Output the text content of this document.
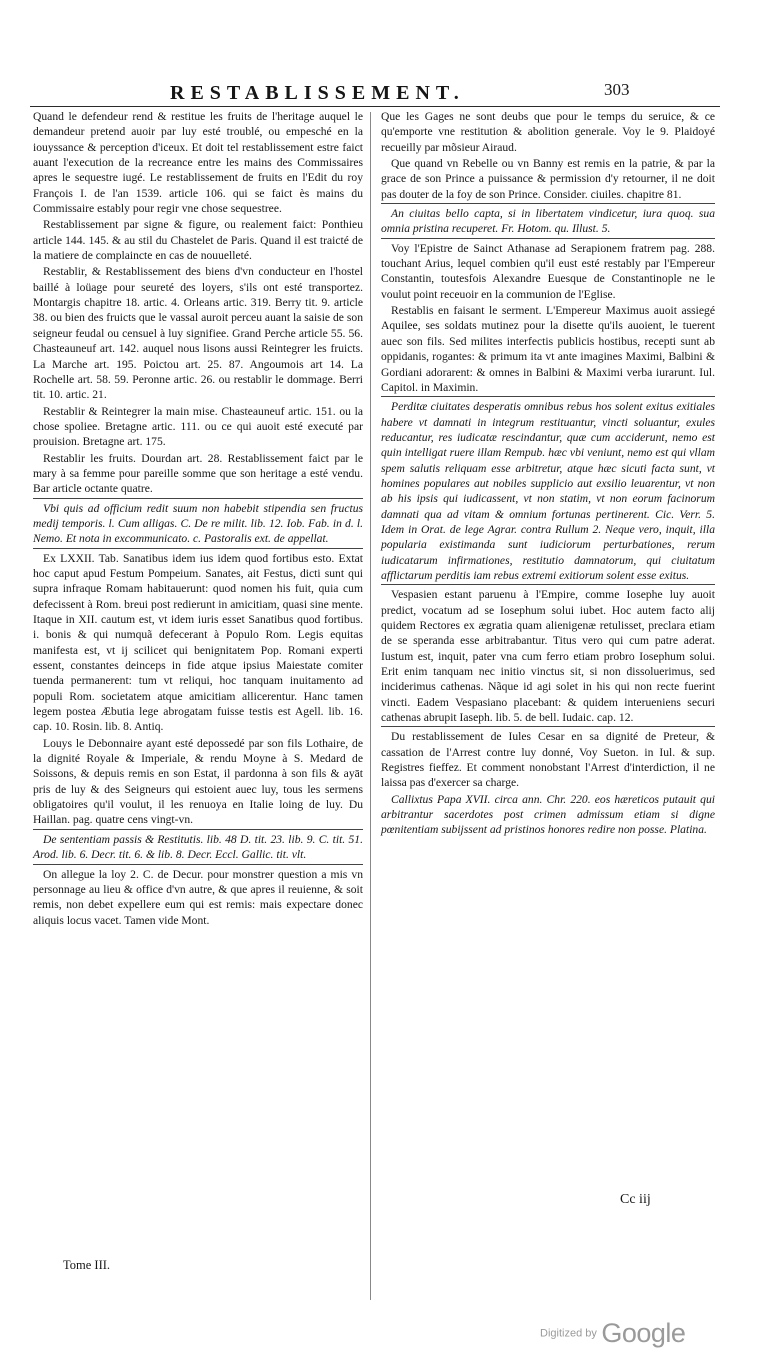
RESTABLISSEMENT.	303

Quand le defendeur rend & restitue les fruits de l'heritage auquel le demandeur pretend auoir par luy esté troublé, ou empesché en la iouyssance & perception d'iceux. Et doit tel restablissement estre faict auant l'execution de la recreance entre les mains des Commissaires apres le sequestre iugé. Le restablissement de fruits en l'Edit du roy François I. de l'an 1539. article 106. qui se faict ès mains du Commissaire estably pour regir vne chose sequestree.

Restablissement par signe & figure, ou realement faict: Ponthieu article 144. 145. & au stil du Chastelet de Paris. Quand il est traicté de la matiere de complaincte en cas de nouuelleté.

Restablir, & Restablissement des biens d'vn conducteur en l'hostel baillé à loüage pour seureté des loyers, s'ils ont esté transportez. Montargis chapitre 18. artic. 4. Orleans artic. 319. Berry tit. 9. article 38. ou bien des fruicts que le vassal auroit perceu auant la saisie de son seigneur feudal ou censuel à luy signifiee. Grand Perche article 55. 56. Chasteauneuf art. 142. auquel nous lisons aussi Reintegrer les fruicts. La Marche art. 195. Poictou art. 25. 87. Angoumois art 14. La Rochelle art. 58. 59. Peronne artic. 26. ou restablir le dommage. Berri tit. 10. artic. 21.

Restablir & Reintegrer la main mise. Chasteauneuf artic. 151. ou la chose spoliee. Bretagne artic. 111. ou ce qui auoit esté executé par prouision. Bretagne art. 175.

Restablir les fruits. Dourdan art. 28. Restablissement faict par le mary à sa femme pour pareille somme que son heritage a esté vendu. Bar article octante quatre.

Vbi quis ad officium redit suum non habebit stipendia sen fructus medij temporis. l. Cum alligas. C. De re milit. lib. 12. Iob. Fab. in d. l. Nemo. Et nota in excommunicato. c. Pastoralis ext. de appellat.

Ex LXXII. Tab. Sanatibus idem ius idem quod fortibus esto. Extat hoc caput apud Festum Pompeium. Sanates, ait Festus, dicti sunt qui supra infraque Romam habitauerunt: quod nomen his fuit, quia cum defecissent à Rom. breui post redierunt in amicitiam, quasi sine mente. Itaque in XII. cautum est, vt idem iuris esset Sanatibus quod fortibus. i. bonis & qui numquã defecerant à Populo Rom. Legis equitas manifesta est, vt ij scilicet qui benignitatem Pop. Romani experti essent, constantes deinceps in fide atque ipsius Maiestate comiter tuenda permanerent: tum vt reliqui, hoc tanquam inuitamento ad populi Rom. societatem atque amicitiam allicerentur. Hanc tamen legem postea Æbutia lege abrogatam fuisse testis est Agell. lib. 16. cap. 10. Rosin. lib. 8. Antiq.

Louys le Debonnaire ayant esté depossedé par son fils Lothaire, de la dignité Royale & Imperiale, & rendu Moyne à S. Medard de Soissons, & depuis remis en son Estat, il pardonna à son fils & ayāt pris de luy & des Seigneurs qui estoient auec luy, tous les sermens obligatoires qu'il voulut, il les renuoya en Italie loing de luy. Du Haillan. pag. quatre cens vingt-vn.

De sententiam passis & Restitutis. lib. 48 D. tit. 23. lib. 9. C. tit. 51. Arod. lib. 6. Decr. tit. 6. & lib. 8. Decr. Eccl. Gallic. tit. vlt.

On allegue la loy 2. C. de Decur. pour monstrer question a mis vn personnage au lieu & office d'vn autre, & que apres il reuienne, & soit remis, non debet expellere eum qui est remis: mais expectare donec aliquis locus vacet. Tamen vide Mont.

Que les Gages ne sont deubs que pour le temps du seruice, & ce qu'emporte vne restitution & abolition generale. Voy le 9. Plaidoyé recueilly par mõsieur Airaud.

Que quand vn Rebelle ou vn Banny est remis en la patrie, & par la grace de son Prince a puissance & permission d'y retourner, il ne doit pas douter de la foy de son Prince. Consider. ciuiles. chapitre 81.

An ciuitas bello capta, si in libertatem vindicetur, iura quoq. sua omnia pristina recuperet. Fr. Hotom. qu. Illust. 5.

Voy l'Epistre de Sainct Athanase ad Serapionem fratrem pag. 288. touchant Arius, lequel combien qu'il eust esté restably par l'Empereur Constantin, toutesfois Alexandre Euesque de Constantinople ne le voulut point receuoir en la communion de l'Eglise.

Restablis en faisant le serment. L'Empereur Maximus auoit assiegé Aquilee, ses soldats mutinez pour la disette qu'ils auoient, le tuerent auec son fils. Sed milites interfectis publicis hostibus, recepti sunt ab oppidanis, rogantes: & primum ita vt ante imagines Maximi, Balbini & Gordiani adorarent: & omnes in Balbini & Maximi verba iurarunt. Iul. Capitol. in Maximin.

Perditæ ciuitates desperatis omnibus rebus hos solent exitus exitiales habere vt damnati in integrum restituantur, vincti soluantur, exules reducantur, res iudicatæ rescindantur, quæ cum acciderunt, nemo est quin intelligat ruere illam Rempub. hæc vbi veniunt, nemo est qui vllam spem salutis reliquam esse arbitretur, atque hæc sicuti facta sunt, vt homines populares aut nobiles supplicio aut exsilio leuarentur, vt non ab his ipsis qui iudicassent, vt non statim, vt non eorum facinorum damnati qua ad vitam & omnium fortunas pertinerent. Cic. Verr. 5. Idem in Orat. de lege Agrar. contra Rullum 2. Neque vero, inquit, illa popularia existimanda sunt iudiciorum perturbationes, rerum iudicatarum infirmationes, restitutio damnatorum, qui ciuitatum afflictarum perditis iam rebus extremi exitiorum solent esse exitus.

Vespasien estant paruenu à l'Empire, comme Iosephe luy auoit predict, vocatum ad se Iosephum solui iubet. Hoc autem facto alij quidem Rectores ex ægratia quam alienigenæ retulisset, preclara etiam de se speranda esse arbitrabantur. Titus vero qui cum patre aderat. Iustum est, inquit, pater vna cum ferro etiam probro Iosephum solui. Erit enim tanquam nec initio vinctus sit, si non dissoluerimus, sed inciderimus cathenas. Nãque id agi solet in his qui non recte fuerint vincti. Eadem Vespasiano placebant: & quidem interueniens securi cathenas abrupit Iaseph. lib. 5. de bell. Iudaic. cap. 12.

Du restablissement de Iules Cesar en sa dignité de Preteur, & cassation de l'Arrest contre luy donné, Voy Sueton. in Iul. & sup. Registres fieffez. Et comment nonobstant l'Arrest d'interdiction, il ne laissa pas d'exercer sa charge.

Callixtus Papa XVII. circa ann. Chr. 220. eos hæreticos putauit qui arbitrantur sacerdotes post crimen admissum etiam si digne pœnitentiam subijssent ad pristinos honores redire non posse. Platina.

Cc iij
Tome III.
Digitized by Google
